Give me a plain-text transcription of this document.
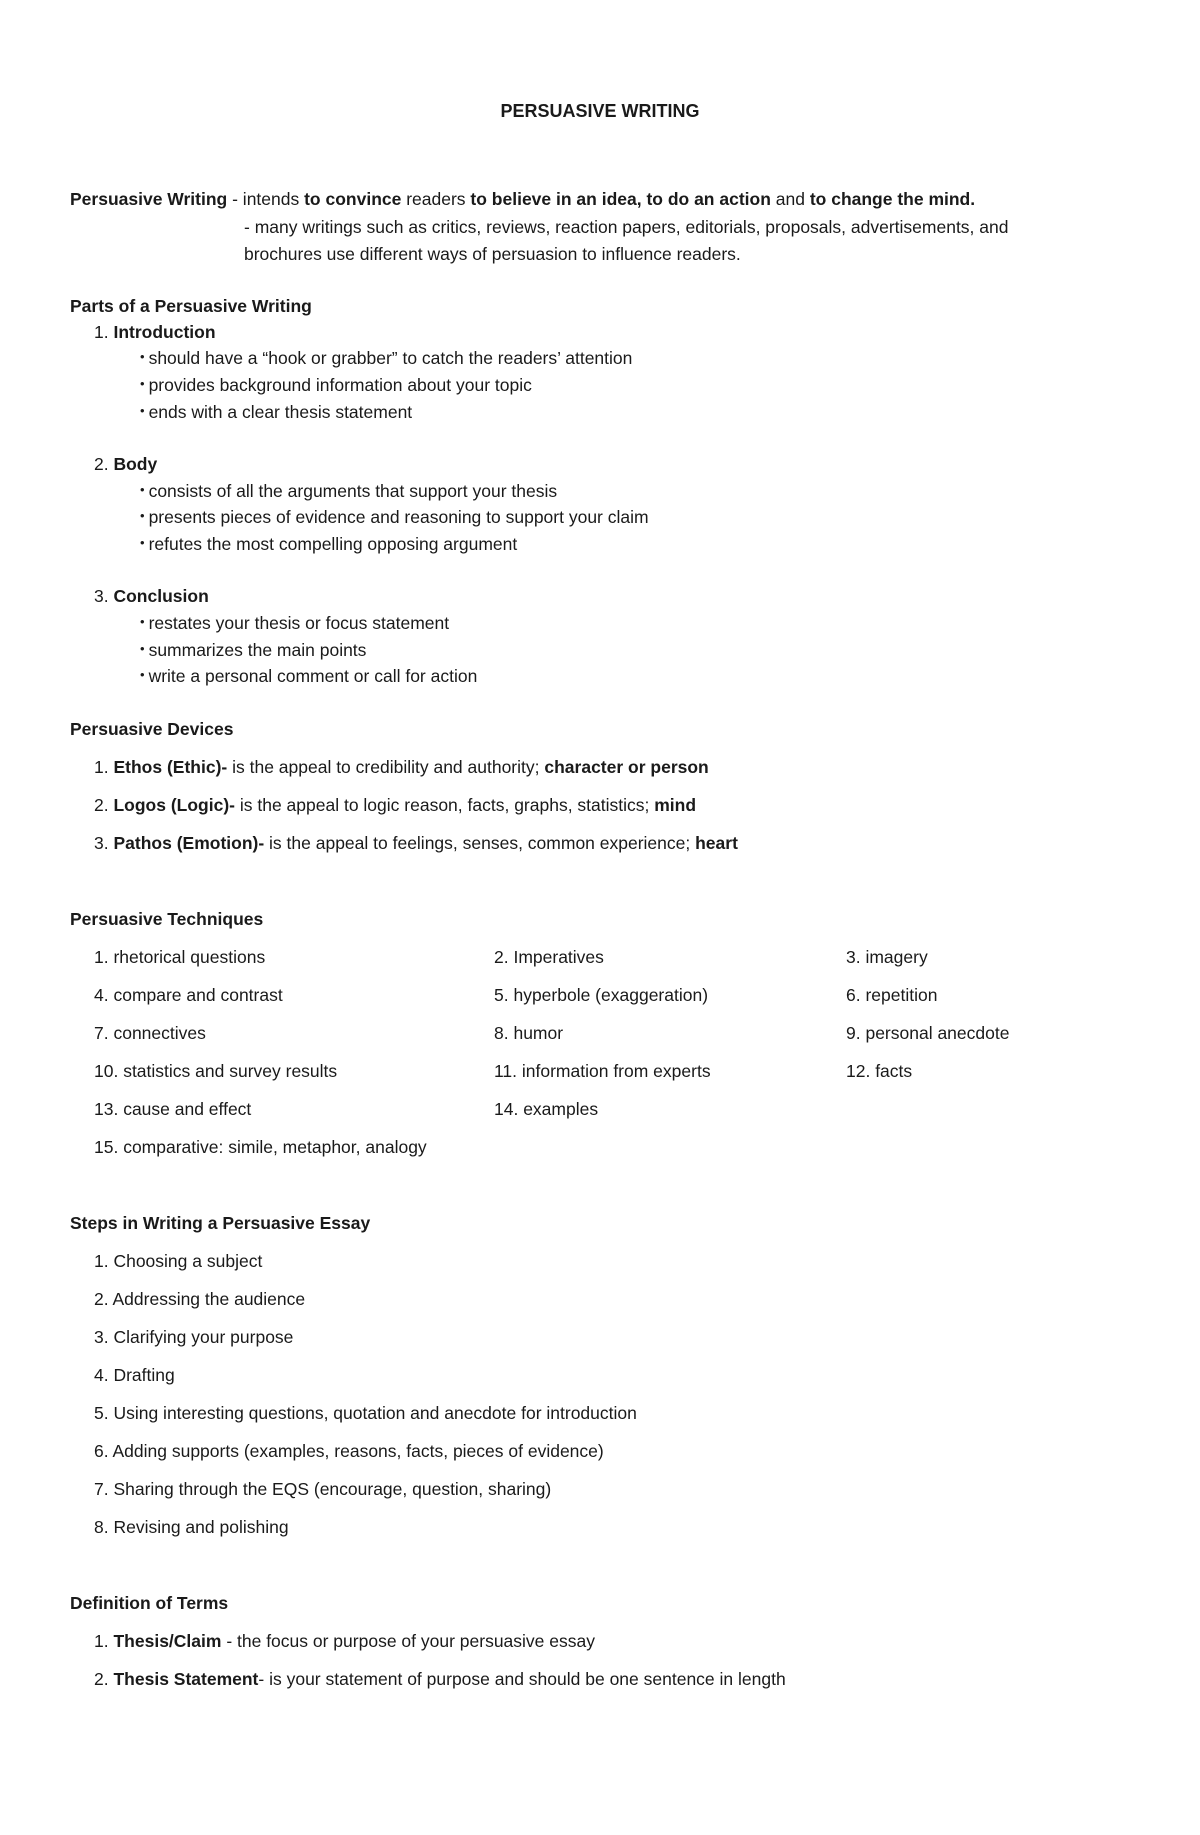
PERSUASIVE WRITING
Persuasive Writing - intends to convince readers to believe in an idea, to do an action and to change the mind.
- many writings such as critics, reviews, reaction papers, editorials, proposals, advertisements, and
brochures use different ways of persuasion to influence readers.
Parts of a Persuasive Writing
1. Introduction
• should have a “hook or grabber” to catch the readers’ attention
• provides background information about your topic
• ends with a clear thesis statement
2. Body
• consists of all the arguments that support your thesis
• presents pieces of evidence and reasoning to support your claim
• refutes the most compelling opposing argument
3. Conclusion
• restates your thesis or focus statement
• summarizes the main points
• write a personal comment or call for action
Persuasive Devices
1. Ethos (Ethic)- is the appeal to credibility and authority; character or person
2. Logos (Logic)- is the appeal to logic reason, facts, graphs, statistics; mind
3. Pathos (Emotion)- is the appeal to feelings, senses, common experience; heart
Persuasive Techniques
1. rhetorical questions	2. Imperatives	3. imagery
4. compare and contrast	5. hyperbole (exaggeration)	6. repetition
7. connectives	8. humor	9. personal anecdote
10. statistics and survey results	11. information from experts	12. facts
13. cause and effect	14. examples
15. comparative: simile, metaphor, analogy
Steps in Writing a Persuasive Essay
1. Choosing a subject
2. Addressing the audience
3. Clarifying your purpose
4. Drafting
5. Using interesting questions, quotation and anecdote for introduction
6. Adding supports (examples, reasons, facts, pieces of evidence)
7. Sharing through the EQS (encourage, question, sharing)
8. Revising and polishing
Definition of Terms
1. Thesis/Claim - the focus or purpose of your persuasive essay
2. Thesis Statement- is your statement of purpose and should be one sentence in length
